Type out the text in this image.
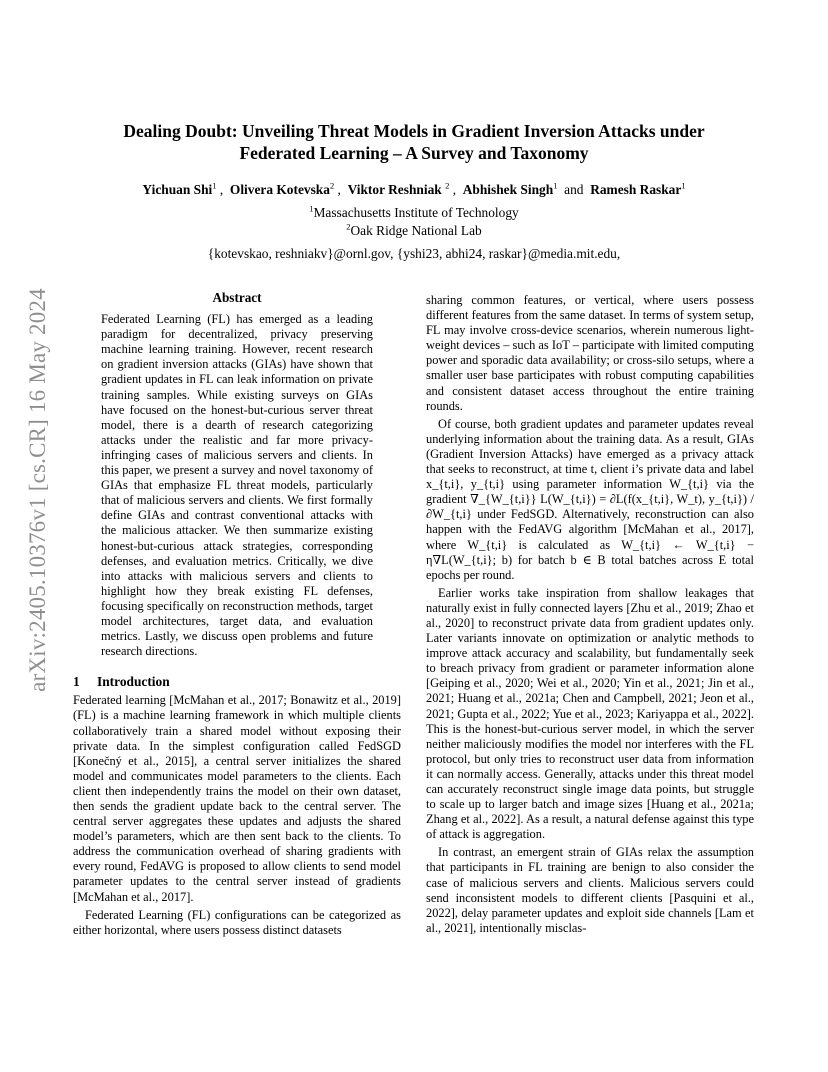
arXiv:2405.10376v1 [cs.CR] 16 May 2024
Dealing Doubt: Unveiling Threat Models in Gradient Inversion Attacks under
Federated Learning – A Survey and Taxonomy
Yichuan Shi$^1$ ,  Olivera Kotevska$^2$ ,  Viktor Reshniak $^2$ ,  Abhishek Singh$^1$ and Ramesh Raskar$^1$
$^1$Massachusetts Institute of Technology
$^2$Oak Ridge National Lab
{kotevskao, reshniakv}@ornl.gov, {yshi23, abhi24, raskar}@media.mit.edu,
Abstract

Federated Learning (FL) has emerged as a leading paradigm for decentralized, privacy preserving machine learning training. However, recent research on gradient inversion attacks (GIAs) have shown that gradient updates in FL can leak information on private training samples. While existing surveys on GIAs have focused on the honest-but-curious server threat model, there is a dearth of research categorizing attacks under the realistic and far more privacy-infringing cases of malicious servers and clients. In this paper, we present a survey and novel taxonomy of GIAs that emphasize FL threat models, particularly that of malicious servers and clients. We first formally define GIAs and contrast conventional attacks with the malicious attacker. We then summarize existing honest-but-curious attack strategies, corresponding defenses, and evaluation metrics. Critically, we dive into attacks with malicious servers and clients to highlight how they break existing FL defenses, focusing specifically on reconstruction methods, target model architectures, target data, and evaluation metrics. Lastly, we discuss open problems and future research directions.

1 Introduction

Federated learning [McMahan et al., 2017; Bonawitz et al., 2019] (FL) is a machine learning framework in which multiple clients collaboratively train a shared model without exposing their private data. In the simplest configuration called FedSGD [Konečný et al., 2015], a central server initializes the shared model and communicates model parameters to the clients. Each client then independently trains the model on their own dataset, then sends the gradient update back to the central server. The central server aggregates these updates and adjusts the shared model’s parameters, which are then sent back to the clients. To address the communication overhead of sharing gradients with every round, FedAVG is proposed to allow clients to send model parameter updates to the central server instead of gradients [McMahan et al., 2017].

Federated Learning (FL) configurations can be categorized as either horizontal, where users possess distinct datasets

sharing common features, or vertical, where users possess different features from the same dataset. In terms of system setup, FL may involve cross-device scenarios, wherein numerous light-weight devices – such as IoT – participate with limited computing power and sporadic data availability; or cross-silo setups, where a smaller user base participates with robust computing capabilities and consistent dataset access throughout the entire training rounds.

Of course, both gradient updates and parameter updates reveal underlying information about the training data. As a result, GIAs (Gradient Inversion Attacks) have emerged as a privacy attack that seeks to reconstruct, at time t, client i’s private data and label x_{t,i}, y_{t,i} using parameter information W_{t,i} via the gradient ∇_{W_{t,i}} L(W_{t,i}) = ∂L(f(x_{t,i}, W_t), y_{t,i}) / ∂W_{t,i} under FedSGD. Alternatively, reconstruction can also happen with the FedAVG algorithm [McMahan et al., 2017], where W_{t,i} is calculated as W_{t,i} ← W_{t,i} − η∇L(W_{t,i}; b) for batch b ∈ B total batches across E total epochs per round.

Earlier works take inspiration from shallow leakages that naturally exist in fully connected layers [Zhu et al., 2019; Zhao et al., 2020] to reconstruct private data from gradient updates only. Later variants innovate on optimization or analytic methods to improve attack accuracy and scalability, but fundamentally seek to breach privacy from gradient or parameter information alone [Geiping et al., 2020; Wei et al., 2020; Yin et al., 2021; Jin et al., 2021; Huang et al., 2021a; Chen and Campbell, 2021; Jeon et al., 2021; Gupta et al., 2022; Yue et al., 2023; Kariyappa et al., 2022]. This is the honest-but-curious server model, in which the server neither maliciously modifies the model nor interferes with the FL protocol, but only tries to reconstruct user data from information it can normally access. Generally, attacks under this threat model can accurately reconstruct single image data points, but struggle to scale up to larger batch and image sizes [Huang et al., 2021a; Zhang et al., 2022]. As a result, a natural defense against this type of attack is aggregation.

In contrast, an emergent strain of GIAs relax the assumption that participants in FL training are benign to also consider the case of malicious servers and clients. Malicious servers could send inconsistent models to different clients [Pasquini et al., 2022], delay parameter updates and exploit side channels [Lam et al., 2021], intentionally misclas-
